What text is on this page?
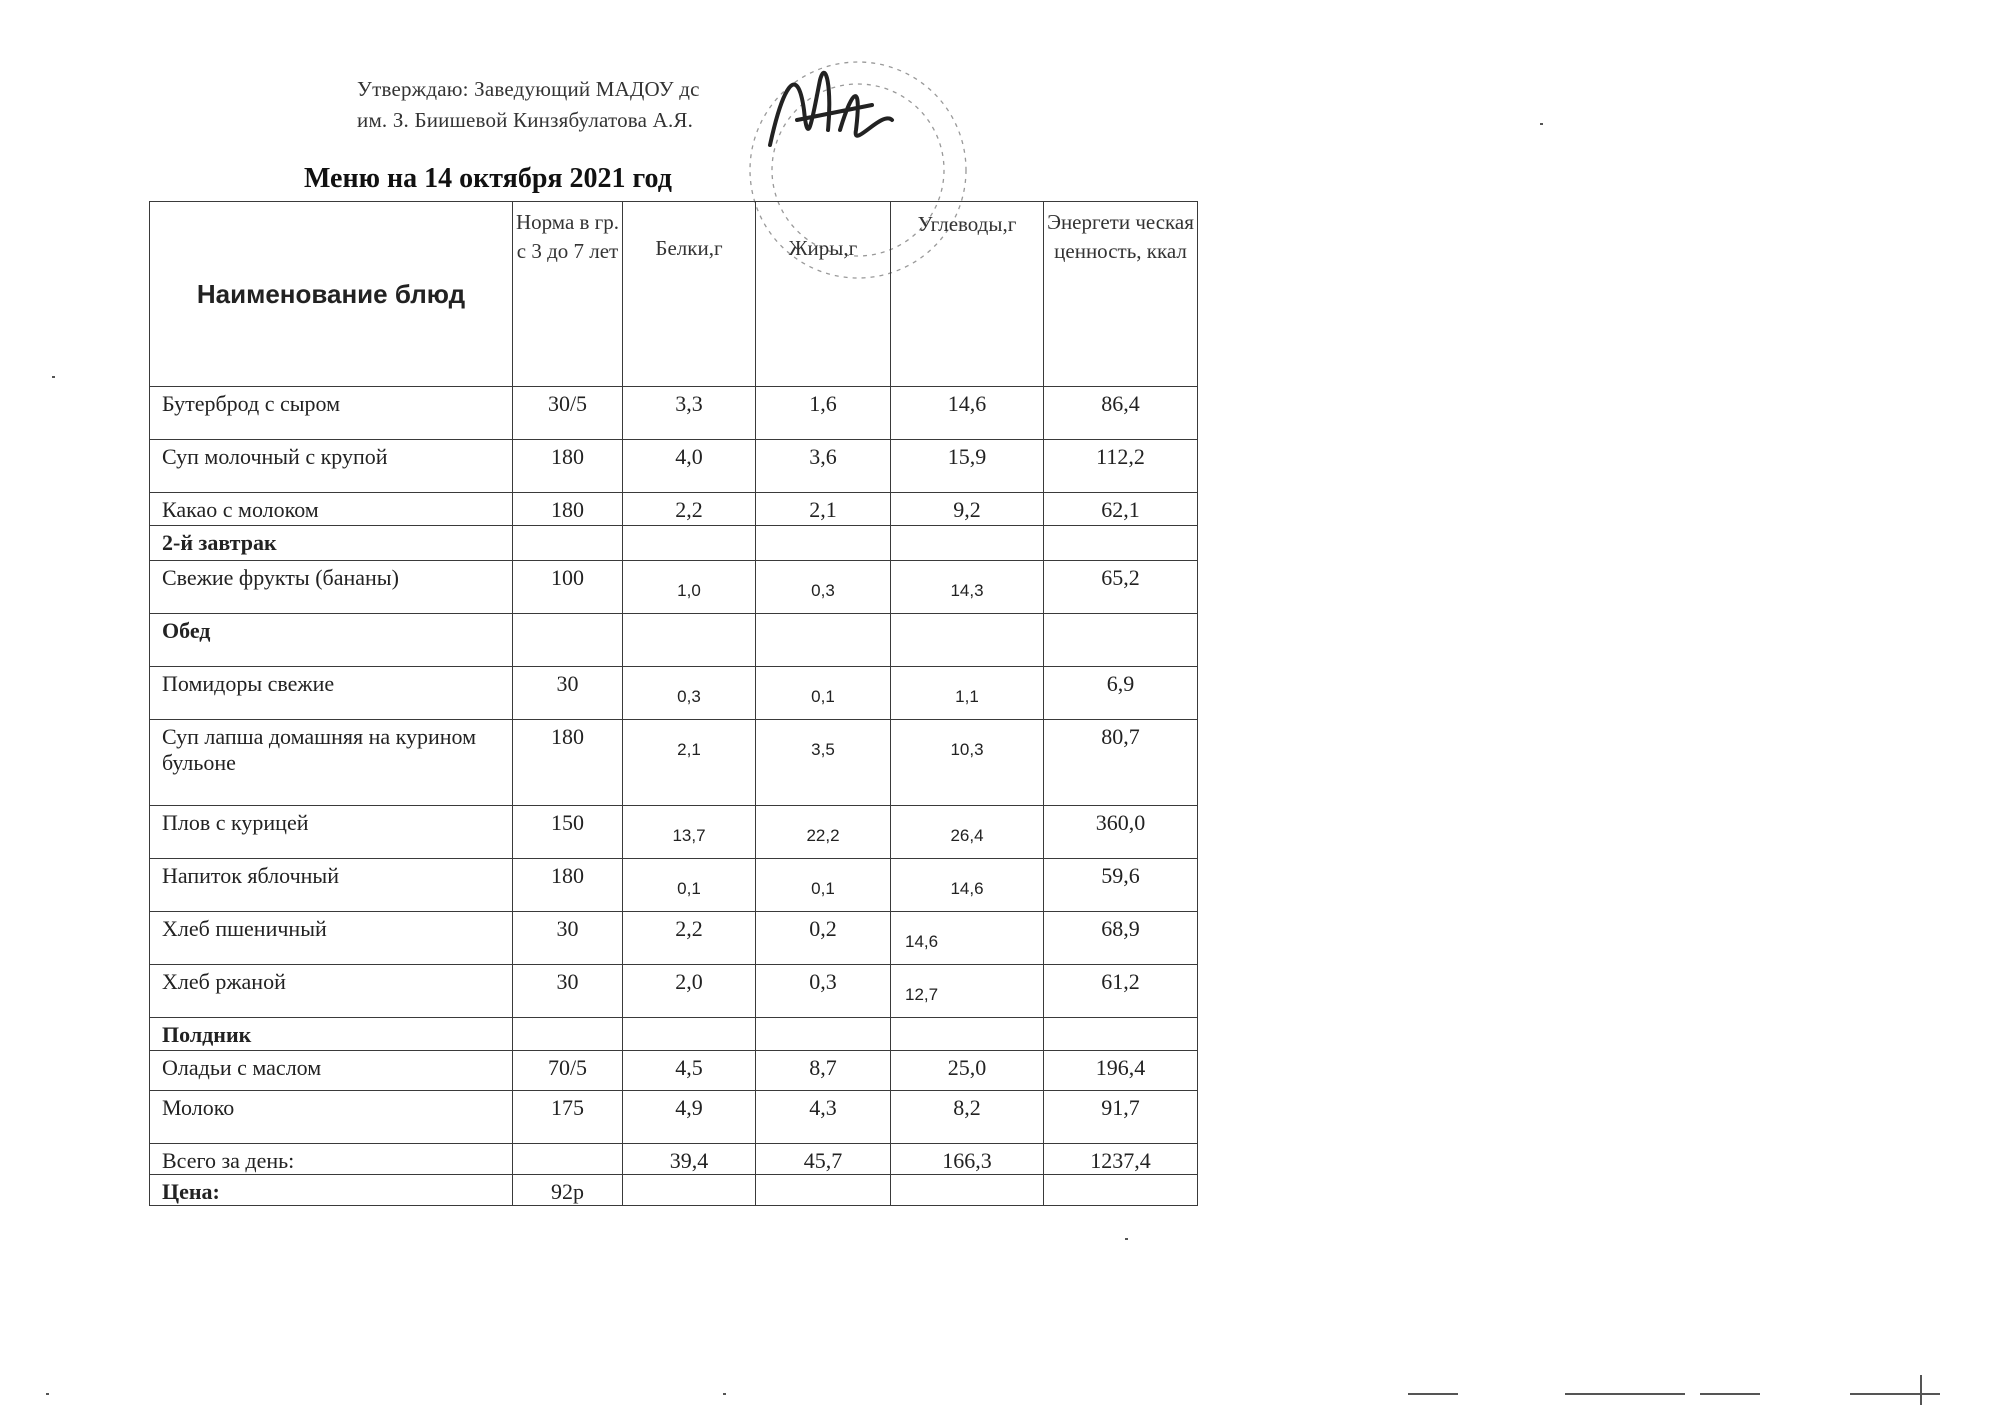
Утверждаю: Заведующий МАДОУ дс
им. З. Биишевой Кинзябулатова А.Я.
Меню на 14 октября 2021 год
Наименование блюд	Норма в гр. с 3 до 7 лет	Белки,г	Жиры,г	Углеводы,г	Энергети ческая ценность, ккал
Бутерброд с сыром	30/5	3,3	1,6	14,6	86,4
Суп молочный с крупой	180	4,0	3,6	15,9	112,2
Какао с молоком	180	2,2	2,1	9,2	62,1
2-й завтрак					
Свежие фрукты (бананы)	100	1,0	0,3	14,3	65,2
Обед					
Помидоры свежие	30	0,3	0,1	1,1	6,9
Суп лапша домашняя на курином бульоне	180	2,1	3,5	10,3	80,7
Плов с курицей	150	13,7	22,2	26,4	360,0
Напиток яблочный	180	0,1	0,1	14,6	59,6
Хлеб пшеничный	30	2,2	0,2	14,6	68,9
Хлеб ржаной	30	2,0	0,3	12,7	61,2
Полдник					
Оладьи с маслом	70/5	4,5	8,7	25,0	196,4
Молоко	175	4,9	4,3	8,2	91,7
Всего за день:		39,4	45,7	166,3	1237,4
Цена:	92р				
